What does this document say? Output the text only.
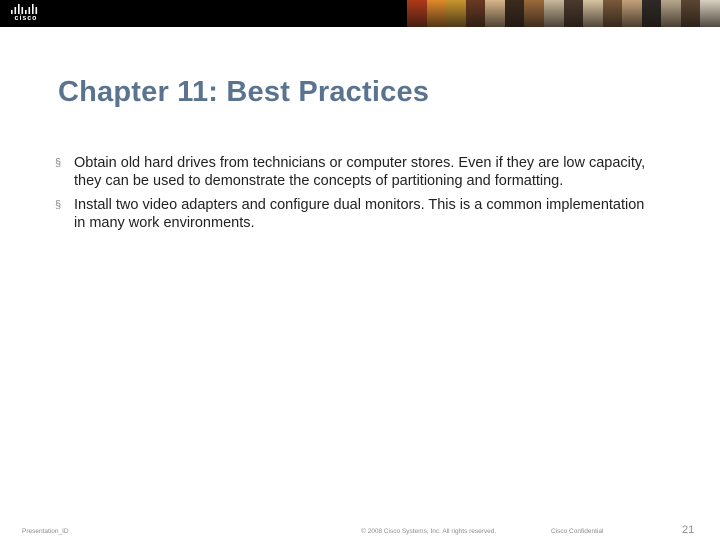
cisco
Chapter 11: Best Practices
§ Obtain old hard drives from technicians or computer stores. Even if they are low capacity, they can be used to demonstrate the concepts of partitioning and formatting.
§ Install two video adapters and configure dual monitors. This is a common implementation in many work environments.
Presentation_ID	© 2008 Cisco Systems, Inc. All rights reserved.	Cisco Confidential	21
